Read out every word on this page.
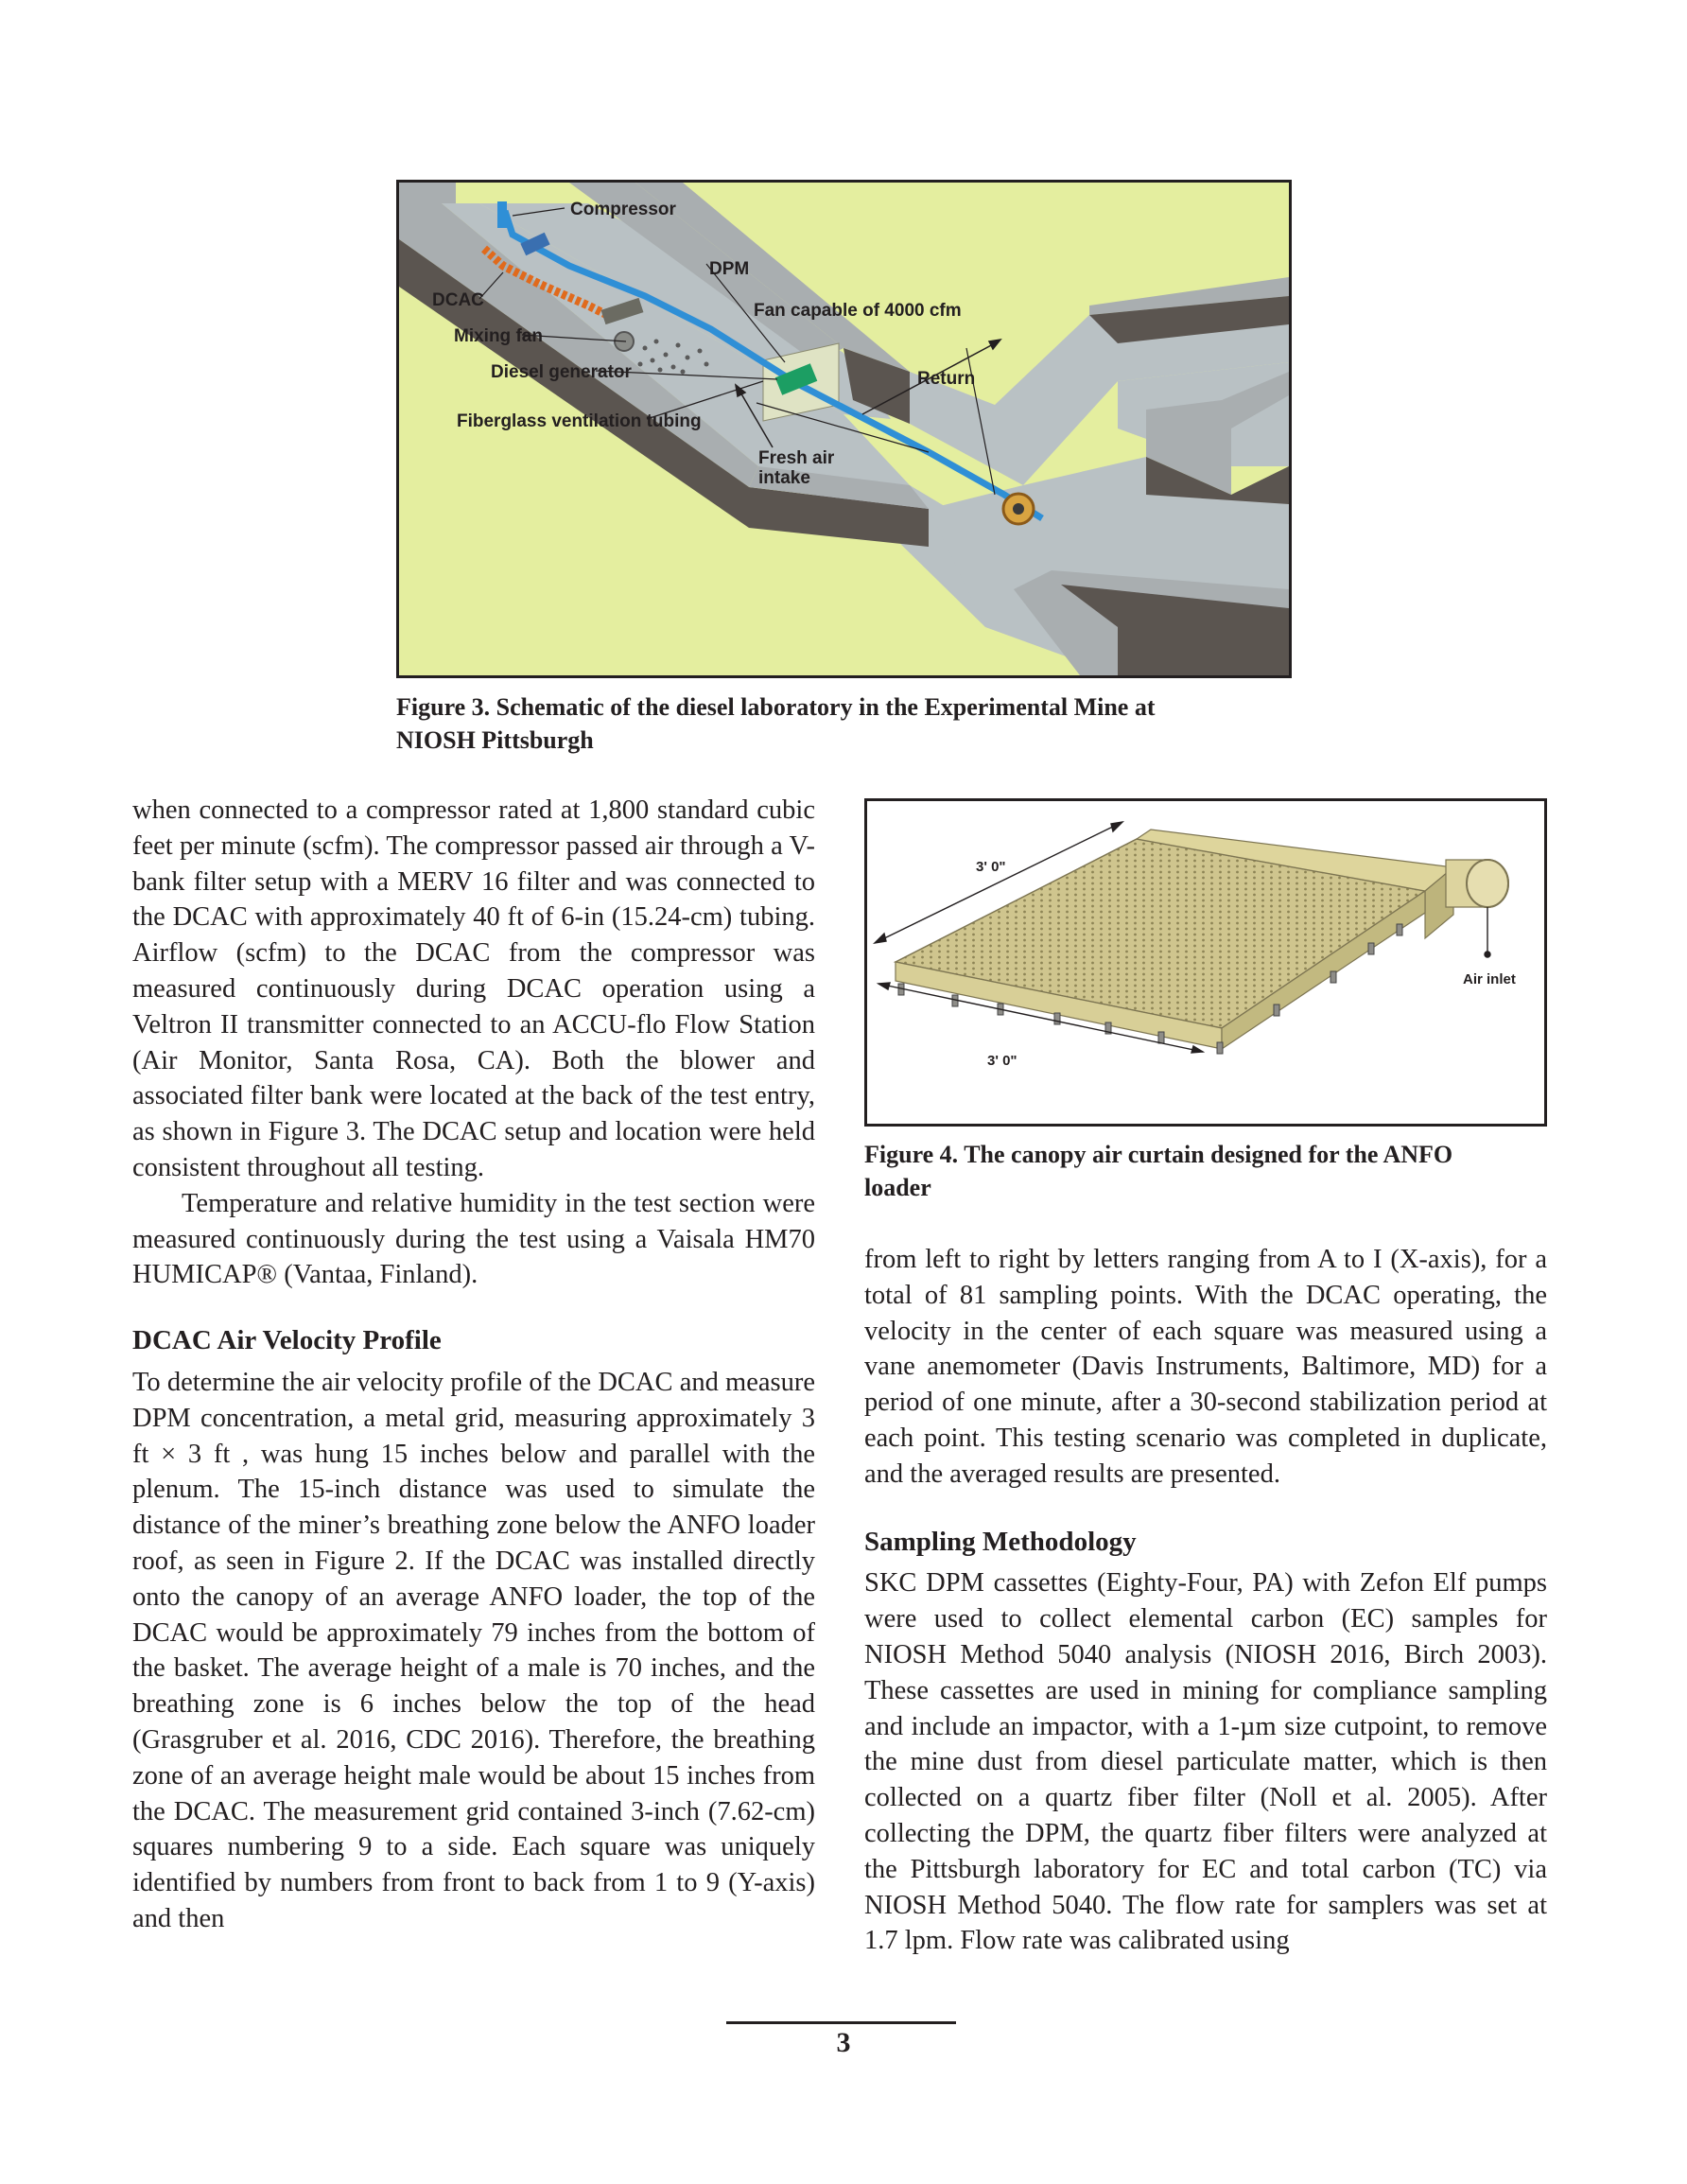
Compressor
DPM
DCAC
Fan capable of 4000 cfm
Mixing fan
Diesel generator	Return
Fiberglass ventilation tubing
Fresh air
intake

Figure 3. Schematic of the diesel laboratory in the Experimental Mine at
NIOSH Pittsburgh

3' 0"
3' 0"
Air inlet

Figure 4. The canopy air curtain designed for the ANFO
loader

when connected to a compressor rated at 1,800 standard cubic feet per minute (scfm). The compressor passed air through a V-bank filter setup with a MERV 16 filter and was connected to the DCAC with approximately 40 ft of 6-in (15.24-cm) tubing. Airflow (scfm) to the DCAC from the compressor was measured continuously during DCAC operation using a Veltron II transmitter connected to an ACCU-flo Flow Station (Air Monitor, Santa Rosa, CA). Both the blower and associated filter bank were located at the back of the test entry, as shown in Figure 3. The DCAC setup and location were held consistent throughout all testing.

Temperature and relative humidity in the test section were measured continuously during the test using a Vaisala HM70 HUMICAP® (Vantaa, Finland).

DCAC Air Velocity Profile

To determine the air velocity profile of the DCAC and measure DPM concentration, a metal grid, measuring approximately 3 ft × 3 ft , was hung 15 inches below and parallel with the plenum. The 15-inch distance was used to simulate the distance of the miner’s breathing zone below the ANFO loader roof, as seen in Figure 2. If the DCAC was installed directly onto the canopy of an average ANFO loader, the top of the DCAC would be approximately 79 inches from the bottom of the basket. The average height of a male is 70 inches, and the breathing zone is 6 inches below the top of the head (Grasgruber et al. 2016, CDC 2016). Therefore, the breathing zone of an average height male would be about 15 inches from the DCAC. The measurement grid contained 3-inch (7.62-cm) squares numbering 9 to a side. Each square was uniquely identified by numbers from front to back from 1 to 9 (Y-axis) and then

from left to right by letters ranging from A to I (X-axis), for a total of 81 sampling points. With the DCAC operating, the velocity in the center of each square was measured using a vane anemometer (Davis Instruments, Baltimore, MD) for a period of one minute, after a 30-second stabilization period at each point. This testing scenario was completed in duplicate, and the averaged results are presented.

Sampling Methodology

SKC DPM cassettes (Eighty-Four, PA) with Zefon Elf pumps were used to collect elemental carbon (EC) samples for NIOSH Method 5040 analysis (NIOSH 2016, Birch 2003). These cassettes are used in mining for compliance sampling and include an impactor, with a 1-µm size cutpoint, to remove the mine dust from diesel particulate matter, which is then collected on a quartz fiber filter (Noll et al. 2005). After collecting the DPM, the quartz fiber filters were analyzed at the Pittsburgh laboratory for EC and total carbon (TC) via NIOSH Method 5040. The flow rate for samplers was set at 1.7 lpm. Flow rate was calibrated using

3
